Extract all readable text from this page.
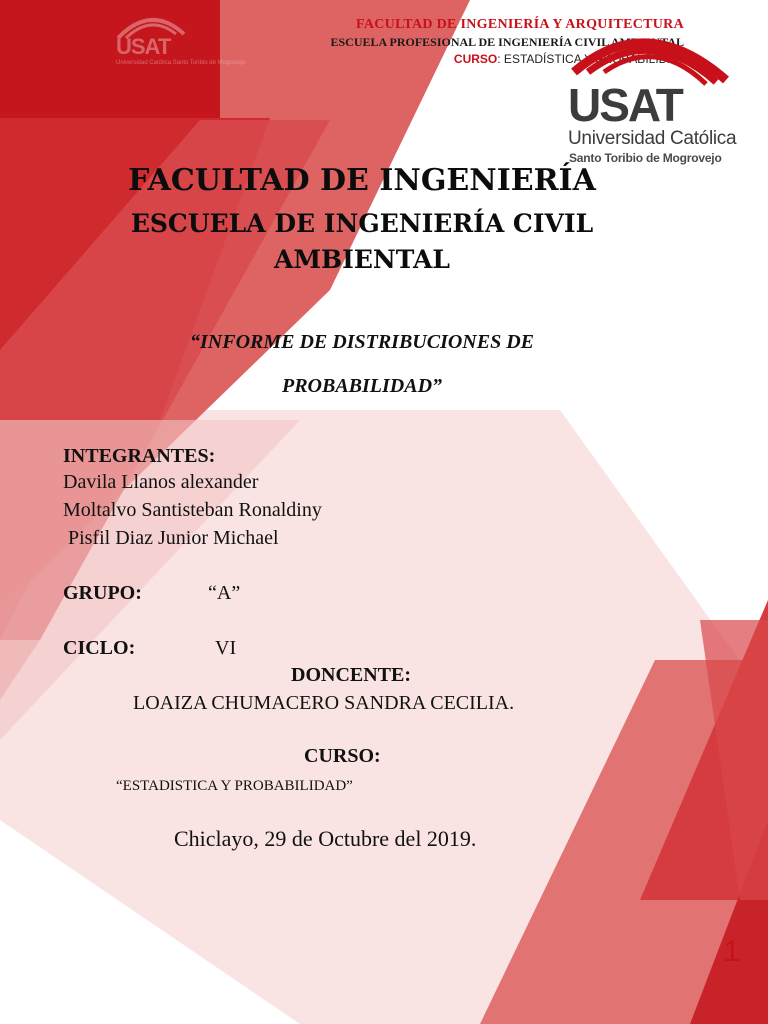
USAT
Universidad Católica Santo Toribio de Mogrovejo
FACULTAD DE INGENIERÍA Y ARQUITECTURA
ESCUELA PROFESIONAL DE INGENIERÍA CIVIL AMBIENTAL
CURSO: ESTADÍSTICA Y PROBABILIDAD
USAT
Universidad Católica
Santo Toribio de Mogrovejo
FACULTAD DE INGENIERÍA
ESCUELA DE INGENIERÍA CIVIL
AMBIENTAL
“INFORME DE DISTRIBUCIONES DE
PROBABILIDAD”
INTEGRANTES:
Davila Llanos alexander
Moltalvo Santisteban Ronaldiny
Pisfil Diaz Junior Michael
GRUPO:	“A”
CICLO:	VI
DONCENTE:
LOAIZA CHUMACERO SANDRA CECILIA.
CURSO:
“ESTADISTICA Y PROBABILIDAD”
Chiclayo, 29 de Octubre del 2019.
1
